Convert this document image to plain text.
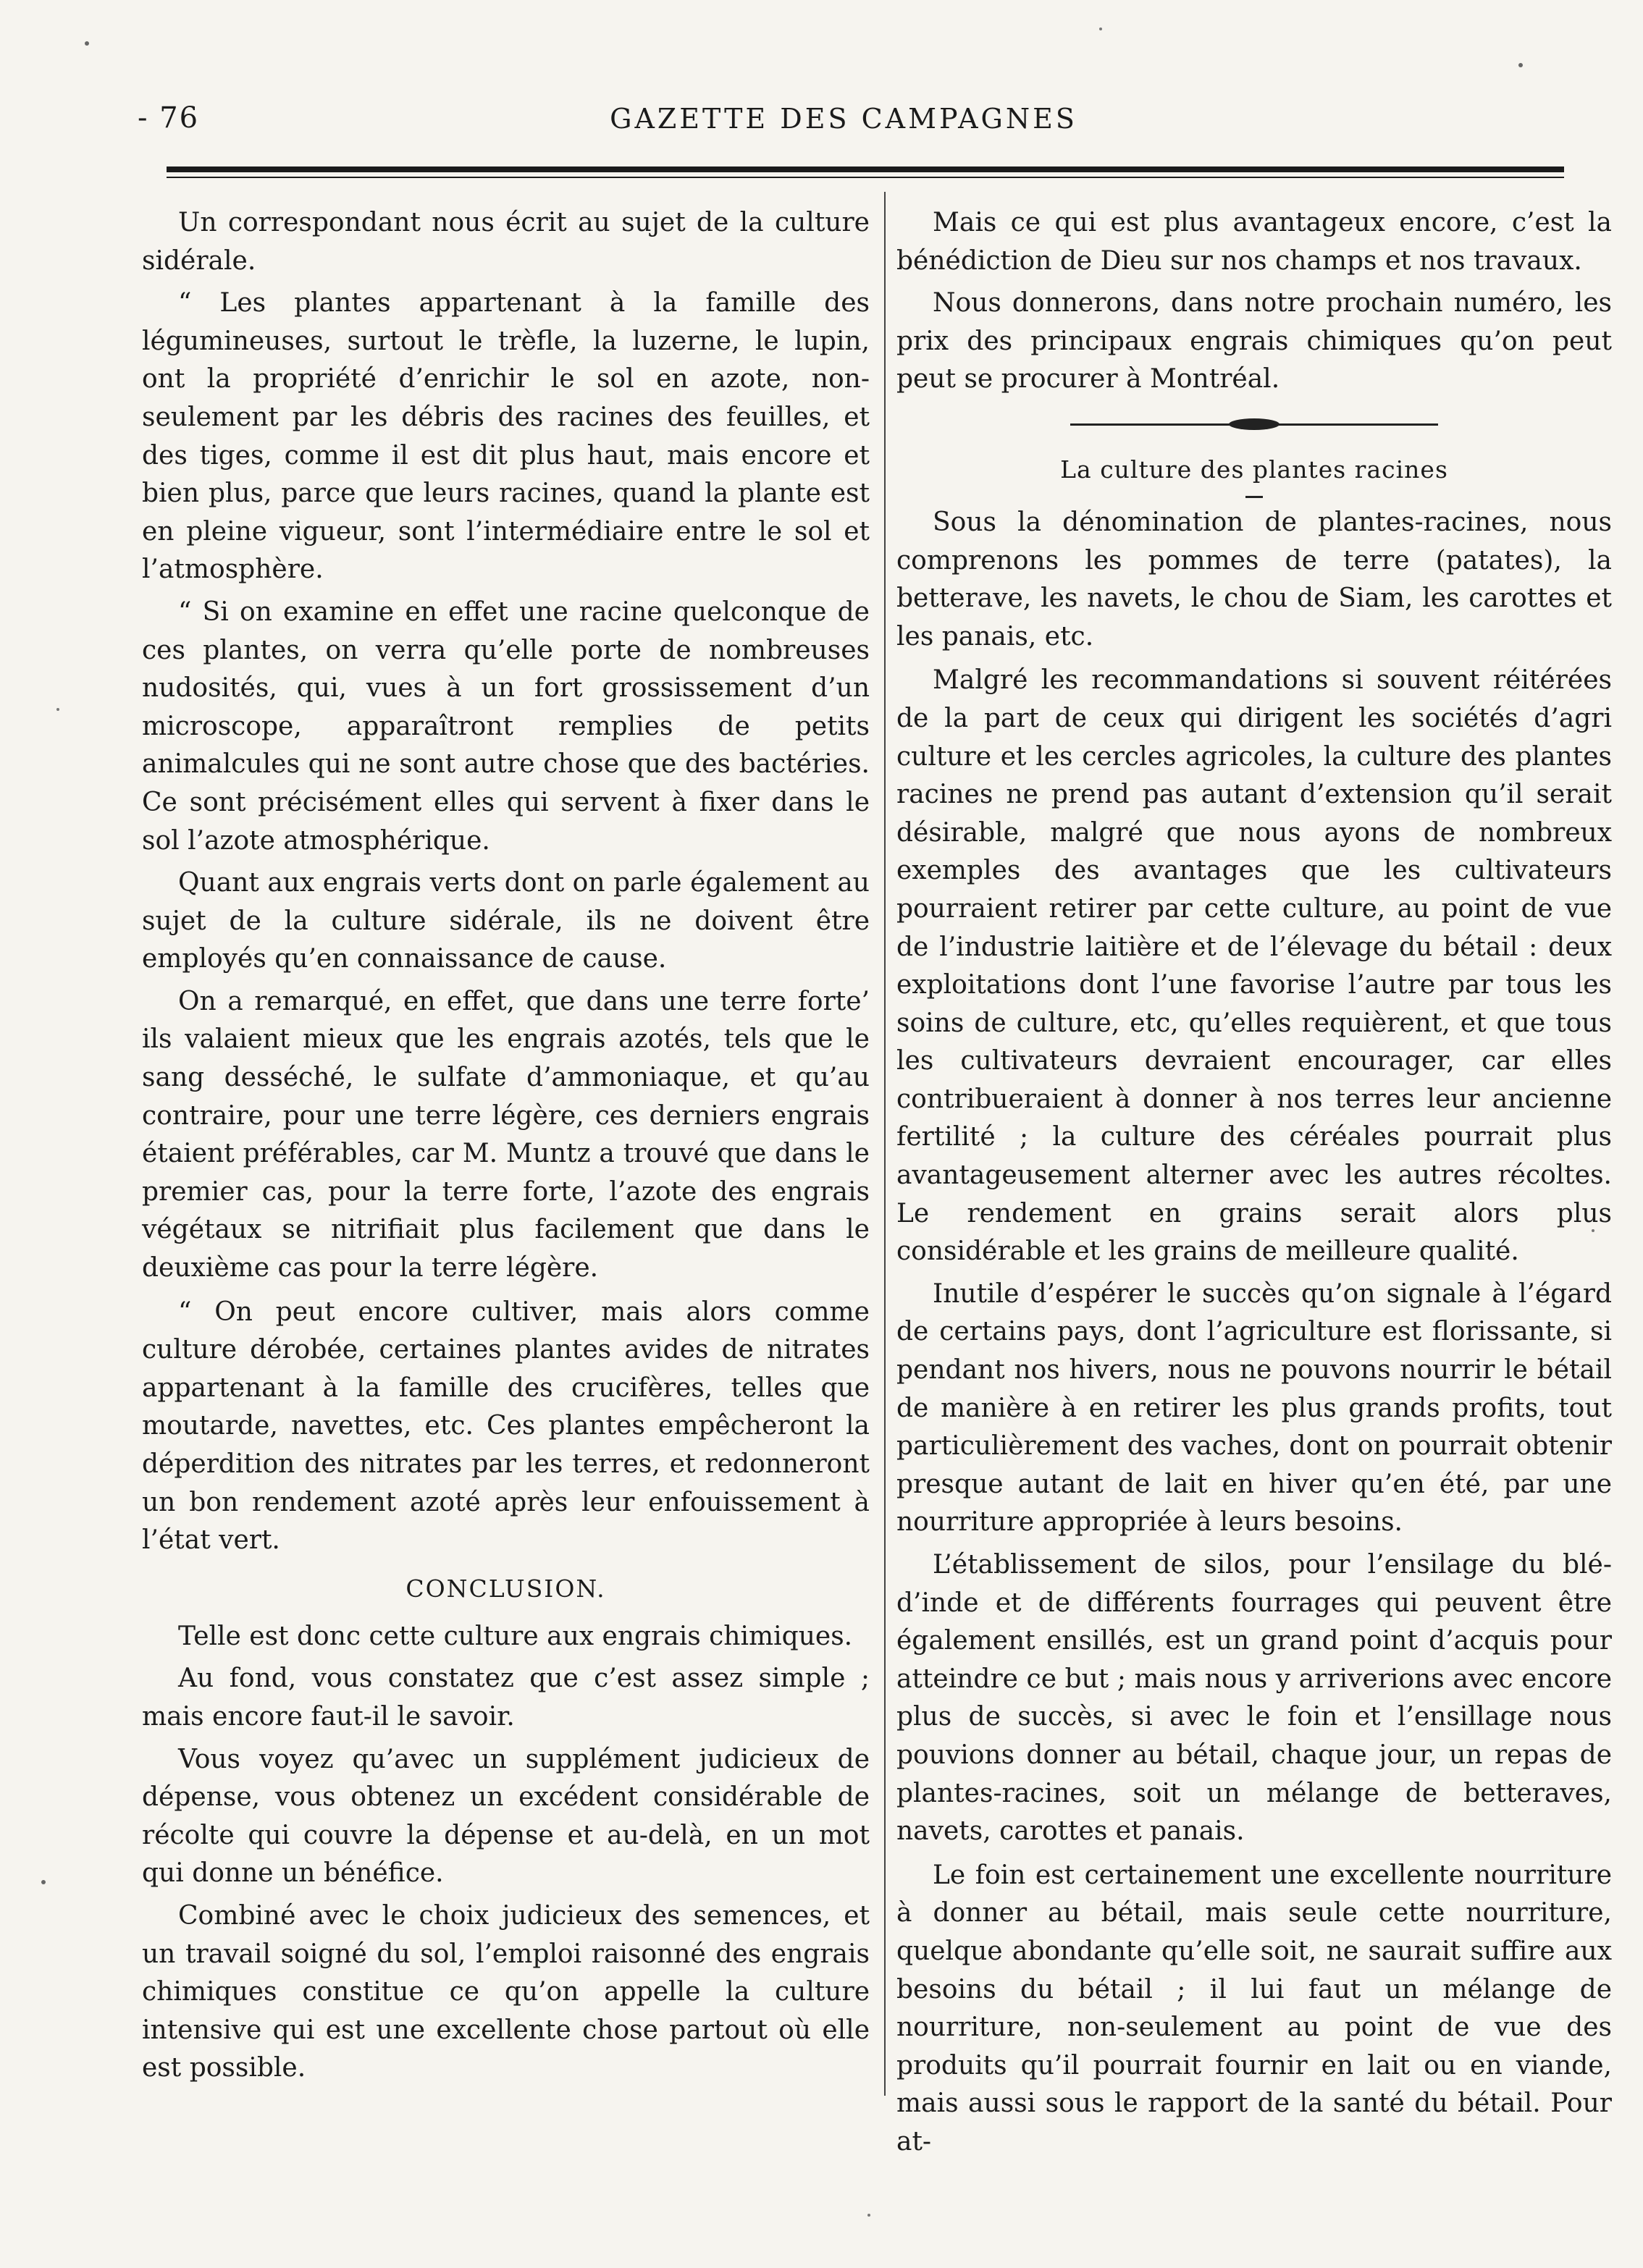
- 76	GAZETTE DES CAMPAGNES

Un correspondant nous écrit au sujet de la culture sidérale.

“ Les plantes appartenant à la famille des légumineuses, surtout le trèfle, la luzerne, le lupin, ont la propriété d’enrichir le sol en azote, non-seulement par les débris des racines des feuilles, et des tiges, comme il est dit plus haut, mais encore et bien plus, parce que leurs racines, quand la plante est en pleine vigueur, sont l’intermédiaire entre le sol et l’atmosphère.

“ Si on examine en effet une racine quelconque de ces plantes, on verra qu’elle porte de nombreuses nudosités, qui, vues à un fort grossissement d’un microscope, apparaîtront remplies de petits animalcules qui ne sont autre chose que des bactéries. Ce sont précisément elles qui servent à fixer dans le sol l’azote atmosphérique.

Quant aux engrais verts dont on parle également au sujet de la culture sidérale, ils ne doivent être employés qu’en connaissance de cause.

On a remarqué, en effet, que dans une terre forte’ ils valaient mieux que les engrais azotés, tels que le sang desséché, le sulfate d’ammoniaque, et qu’au contraire, pour une terre légère, ces derniers engrais étaient préférables, car M. Muntz a trouvé que dans le premier cas, pour la terre forte, l’azote des engrais végétaux se nitrifiait plus facilement que dans le deuxième cas pour la terre légère.

“ On peut encore cultiver, mais alors comme culture dérobée, certaines plantes avides de nitrates appartenant à la famille des crucifères, telles que moutarde, navettes, etc. Ces plantes empêcheront la déperdition des nitrates par les terres, et redonneront un bon rendement azoté après leur enfouissement à l’état vert.

CONCLUSION.

Telle est donc cette culture aux engrais chimiques.

Au fond, vous constatez que c’est assez simple ; mais encore faut-il le savoir.

Vous voyez qu’avec un supplément judicieux de dépense, vous obtenez un excédent considérable de récolte qui couvre la dépense et au-delà, en un mot qui donne un bénéfice.

Combiné avec le choix judicieux des semences, et un travail soigné du sol, l’emploi raisonné des engrais chimiques constitue ce qu’on appelle la culture intensive qui est une excellente chose partout où elle est possible.

Mais ce qui est plus avantageux encore, c’est la bénédiction de Dieu sur nos champs et nos travaux.

Nous donnerons, dans notre prochain numéro, les prix des principaux engrais chimiques qu’on peut peut se procurer à Montréal.

La culture des plantes racines

Sous la dénomination de plantes-racines, nous comprenons les pommes de terre (patates), la betterave, les navets, le chou de Siam, les carottes et les panais, etc.

Malgré les recommandations si souvent réitérées de la part de ceux qui dirigent les sociétés d’agri culture et les cercles agricoles, la culture des plantes racines ne prend pas autant d’extension qu’il serait désirable, malgré que nous ayons de nombreux exemples des avantages que les cultivateurs pourraient retirer par cette culture, au point de vue de l’industrie laitière et de l’élevage du bétail : deux exploitations dont l’une favorise l’autre par tous les soins de culture, etc, qu’elles requièrent, et que tous les cultivateurs devraient encourager, car elles contribueraient à donner à nos terres leur ancienne fertilité ; la culture des céréales pourrait plus avantageusement alterner avec les autres récoltes. Le rendement en grains serait alors plus considérable et les grains de meilleure qualité.

Inutile d’espérer le succès qu’on signale à l’égard de certains pays, dont l’agriculture est florissante, si pendant nos hivers, nous ne pouvons nourrir le bétail de manière à en retirer les plus grands profits, tout particulièrement des vaches, dont on pourrait obtenir presque autant de lait en hiver qu’en été, par une nourriture appropriée à leurs besoins.

L’établissement de silos, pour l’ensilage du blé-d’inde et de différents fourrages qui peuvent être également ensillés, est un grand point d’acquis pour atteindre ce but ; mais nous y arriverions avec encore plus de succès, si avec le foin et l’ensillage nous pouvions donner au bétail, chaque jour, un repas de plantes-racines, soit un mélange de betteraves, navets, carottes et panais.

Le foin est certainement une excellente nourriture à donner au bétail, mais seule cette nourriture, quelque abondante qu’elle soit, ne saurait suffire aux besoins du bétail ; il lui faut un mélange de nourriture, non-seulement au point de vue des produits qu’il pourrait fournir en lait ou en viande, mais aussi sous le rapport de la santé du bétail. Pour at-
